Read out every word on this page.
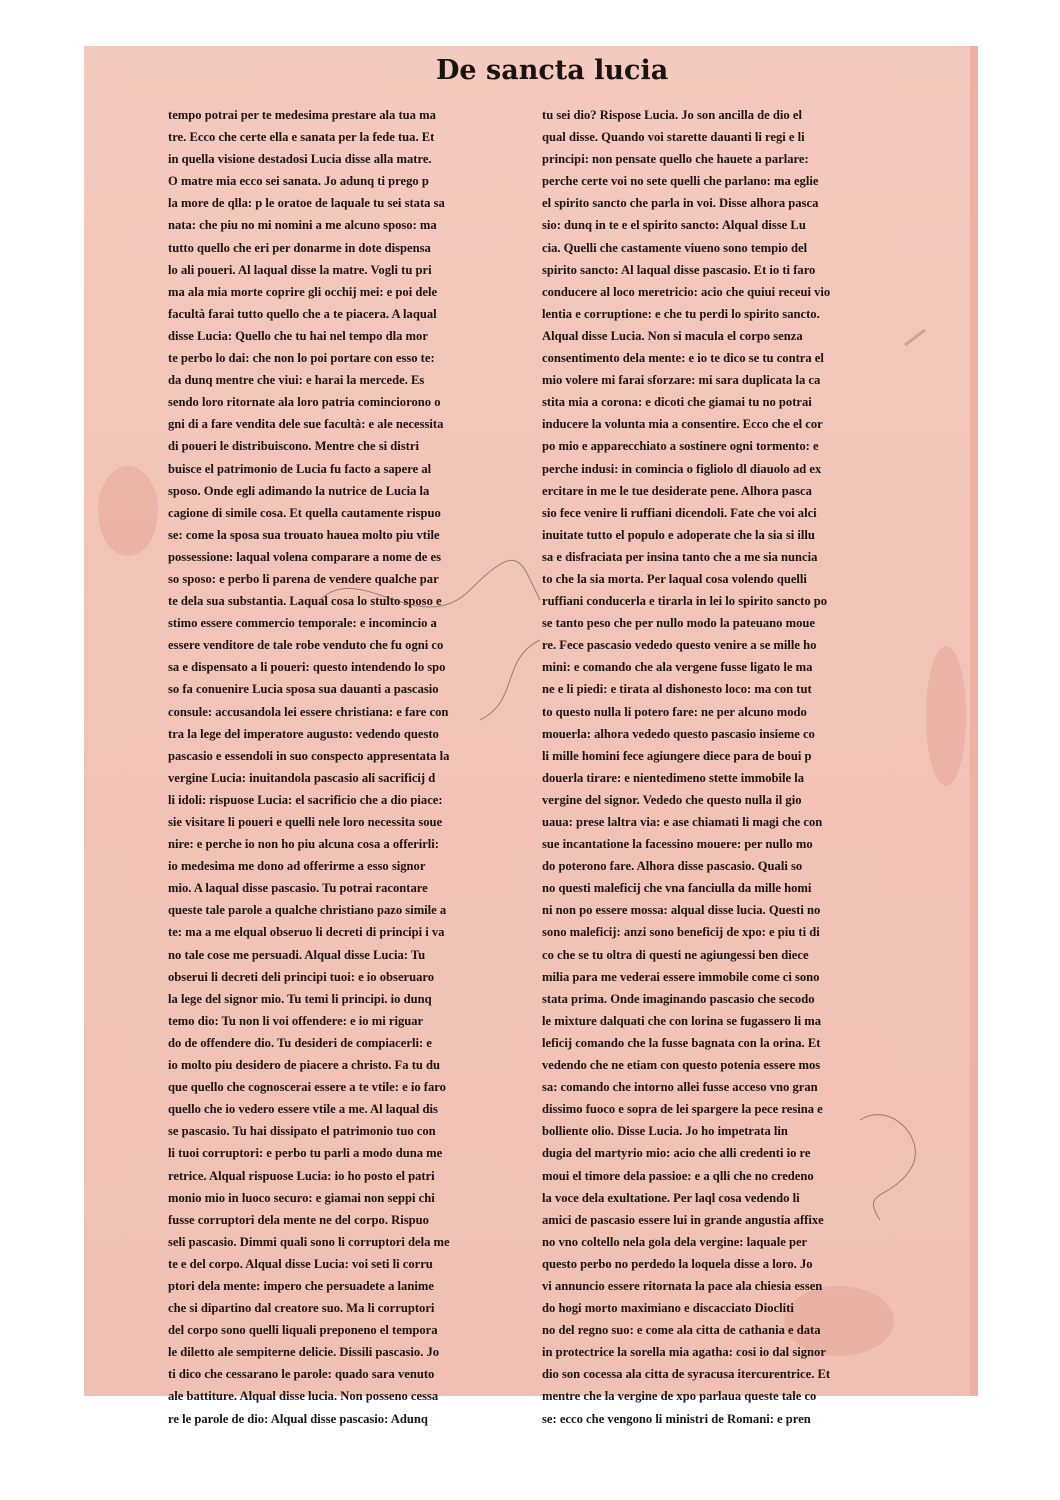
De sancta lucia
tempo potrai per te medesima prestare ala tua ma
tre. Ecco che certe ella e sanata per la fede tua. Et
in quella visione destadosi Lucia disse alla matre.
O matre mia ecco sei sanata. Jo adunq ti prego p
la more de qlla: p le oratoe de laquale tu sei stata sa
nata: che piu no mi nomini a me alcuno sposo: ma
tutto quello che eri per donarme in dote dispensa
lo ali poueri. Al laqual disse la matre. Vogli tu pri
ma ala mia morte coprire gli occhij mei: e poi dele
facultà farai tutto quello che a te piacera. A laqual
disse Lucia: Quello che tu hai nel tempo dla mor
te perbo lo dai: che non lo poi portare con esso te:
da dunq mentre che viui: e harai la mercede. Es
sendo loro ritornate ala loro patria cominciorono o
gni di a fare vendita dele sue facultà: e ale necessita
di poueri le distribuiscono. Mentre che si distri
buisce el patrimonio de Lucia fu facto a sapere al
sposo. Onde egli adimando la nutrice de Lucia la
cagione di simile cosa. Et quella cautamente rispuo
se: come la sposa sua trouato hauea molto piu vtile
possessione: laqual volena comparare a nome de es
so sposo: e perbo li parena de vendere qualche par
te dela sua substantia. Laqual cosa lo stulto sposo e
stimo essere commercio temporale: e incomincio a
essere venditore de tale robe venduto che fu ogni co
sa e dispensato a li poueri: questo intendendo lo spo
so fa conuenire Lucia sposa sua dauanti a pascasio
consule: accusandola lei essere christiana: e fare con
tra la lege del imperatore augusto: vedendo questo
pascasio e essendoli in suo conspecto appresentata la
vergine Lucia: inuitandola pascasio ali sacrificij d
li idoli: rispuose Lucia: el sacrificio che a dio piace:
sie visitare li poueri e quelli nele loro necessita soue
nire: e perche io non ho piu alcuna cosa a offerirli:
io medesima me dono ad offerirme a esso signor
mio. A laqual disse pascasio. Tu potrai racontare
queste tale parole a qualche christiano pazo simile a
te: ma a me elqual obseruo li decreti di principi i va
no tale cose me persuadi. Alqual disse Lucia: Tu
obserui li decreti deli principi tuoi: e io obseruaro
la lege del signor mio. Tu temi li principi. io dunq
temo dio: Tu non li voi offendere: e io mi riguar
do de offendere dio. Tu desideri de compiacerli: e
io molto piu desidero de piacere a christo. Fa tu du
que quello che cognoscerai essere a te vtile: e io faro
quello che io vedero essere vtile a me. Al laqual dis
se pascasio. Tu hai dissipato el patrimonio tuo con
li tuoi corruptori: e perbo tu parli a modo duna me
retrice. Alqual rispuose Lucia: io ho posto el patri
monio mio in luoco securo: e giamai non seppi chi
fusse corruptori dela mente ne del corpo. Rispuo
seli pascasio. Dimmi quali sono li corruptori dela me
te e del corpo. Alqual disse Lucia: voi seti li corru
ptori dela mente: impero che persuadete a lanime
che si dipartino dal creatore suo. Ma li corruptori
del corpo sono quelli liquali preponeno el tempora
le diletto ale sempiterne delicie. Dissili pascasio. Jo
ti dico che cessarano le parole: quado sara venuto
ale battiture. Alqual disse lucia. Non posseno cessa
re le parole de dio: Alqual disse pascasio: Adunq
tu sei dio? Rispose Lucia. Jo son ancilla de dio el
qual disse. Quando voi starette dauanti li regi e li
principi: non pensate quello che hauete a parlare:
perche certe voi no sete quelli che parlano: ma eglie
el spirito sancto che parla in voi. Disse alhora pasca
sio: dunq in te e el spirito sancto: Alqual disse Lu
cia. Quelli che castamente viueno sono tempio del
spirito sancto: Al laqual disse pascasio. Et io ti faro
conducere al loco meretricio: acio che quiui receui vio
lentia e corruptione: e che tu perdi lo spirito sancto.
Alqual disse Lucia. Non si macula el corpo senza
consentimento dela mente: e io te dico se tu contra el
mio volere mi farai sforzare: mi sara duplicata la ca
stita mia a corona: e dicoti che giamai tu no potrai
inducere la volunta mia a consentire. Ecco che el cor
po mio e apparecchiato a sostinere ogni tormento: e
perche indusi: in comincia o figliolo dl diauolo ad ex
ercitare in me le tue desiderate pene. Alhora pasca
sio fece venire li ruffiani dicendoli. Fate che voi alci
inuitate tutto el populo e adoperate che la sia si illu
sa e disfraciata per insina tanto che a me sia nuncia
to che la sia morta. Per laqual cosa volendo quelli
ruffiani conducerla e tirarla in lei lo spirito sancto po
se tanto peso che per nullo modo la pateuano moue
re. Fece pascasio vededo questo venire a se mille ho
mini: e comando che ala vergene fusse ligato le ma
ne e li piedi: e tirata al dishonesto loco: ma con tut
to questo nulla li potero fare: ne per alcuno modo
mouerla: alhora vededo questo pascasio insieme co
li mille homini fece agiungere diece para de boui p
douerla tirare: e nientedimeno stette immobile la
vergine del signor. Vededo che questo nulla il gio
uaua: prese laltra via: e ase chiamati li magi che con
sue incantatione la facessino mouere: per nullo mo
do poterono fare. Alhora disse pascasio. Quali so
no questi maleficij che vna fanciulla da mille homi
ni non po essere mossa: alqual disse lucia. Questi no
sono maleficij: anzi sono beneficij de xpo: e piu ti di
co che se tu oltra di questi ne agiungessi ben diece
milia para me vederai essere immobile come ci sono
stata prima. Onde imaginando pascasio che secodo
le mixture dalquati che con lorina se fugassero li ma
leficij comando che la fusse bagnata con la orina. Et
vedendo che ne etiam con questo potenia essere mos
sa: comando che intorno allei fusse acceso vno gran
dissimo fuoco e sopra de lei spargere la pece resina e
bolliente olio. Disse Lucia. Jo ho impetrata lin
dugia del martyrio mio: acio che alli credenti io re
moui el timore dela passioe: e a qlli che no credeno
la voce dela exultatione. Per laql cosa vedendo li
amici de pascasio essere lui in grande angustia affixe
no vno coltello nela gola dela vergine: laquale per
questo perbo no perdedo la loquela disse a loro. Jo
vi annuncio essere ritornata la pace ala chiesia essen
do hogi morto maximiano e discacciato Diocliti
no del regno suo: e come ala citta de cathania e data
in protectrice la sorella mia agatha: cosi io dal signor
dio son cocessa ala citta de syracusa itercurentrice. Et
mentre che la vergine de xpo parlaua queste tale co
se: ecco che vengono li ministri de Romani: e pren
